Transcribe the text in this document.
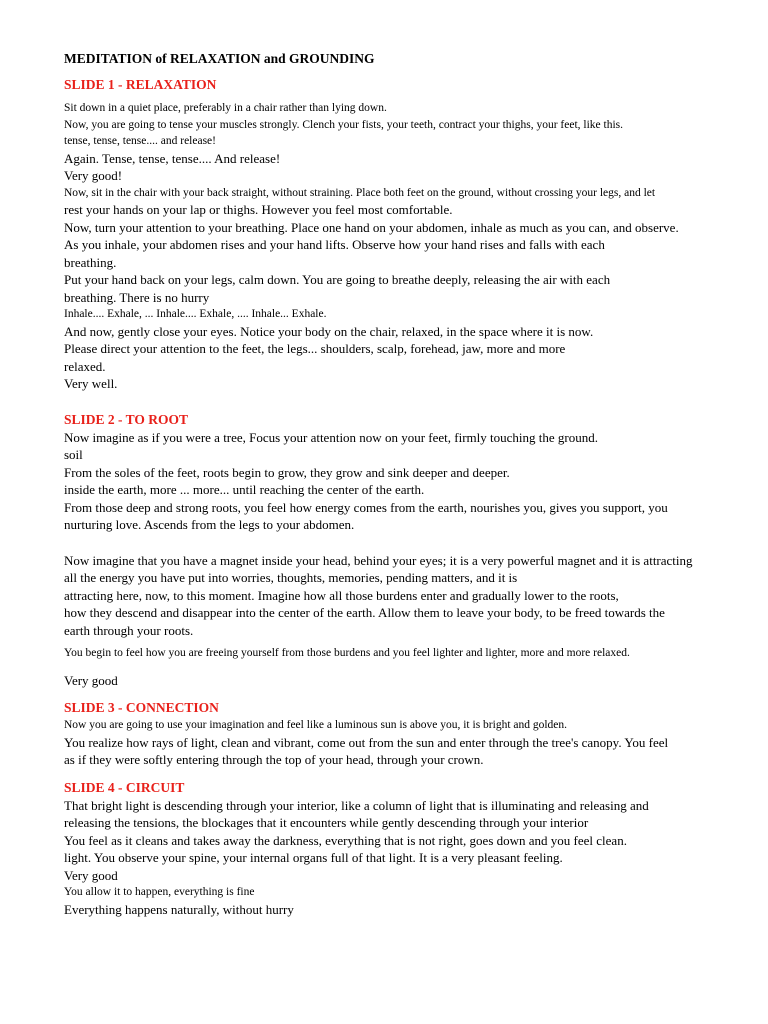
MEDITATION of RELAXATION and GROUNDING

SLIDE 1 - RELAXATION

Sit down in a quiet place, preferably in a chair rather than lying down.

Now, you are going to tense your muscles strongly. Clench your fists, your teeth, contract your thighs, your feet, like this.

tense, tense, tense.... and release!

Again. Tense, tense, tense.... And release!

Very good!

Now, sit in the chair with your back straight, without straining. Place both feet on the ground, without crossing your legs, and let

rest your hands on your lap or thighs. However you feel most comfortable.

Now, turn your attention to your breathing. Place one hand on your abdomen, inhale as much as you can, and observe.

As you inhale, your abdomen rises and your hand lifts. Observe how your hand rises and falls with each

breathing.

Put your hand back on your legs, calm down. You are going to breathe deeply, releasing the air with each

breathing. There is no hurry

Inhale.... Exhale, ... Inhale.... Exhale, .... Inhale... Exhale.

And now, gently close your eyes. Notice your body on the chair, relaxed, in the space where it is now.

Please direct your attention to the feet, the legs... shoulders, scalp, forehead, jaw, more and more

relaxed.

Very well.

SLIDE 2 - TO ROOT

Now imagine as if you were a tree, Focus your attention now on your feet, firmly touching the ground.

soil

From the soles of the feet, roots begin to grow, they grow and sink deeper and deeper.

inside the earth, more ... more... until reaching the center of the earth.

From those deep and strong roots, you feel how energy comes from the earth, nourishes you, gives you support, you

nurturing love. Ascends from the legs to your abdomen.

Now imagine that you have a magnet inside your head, behind your eyes; it is a very powerful magnet and it is attracting

all the energy you have put into worries, thoughts, memories, pending matters, and it is

attracting here, now, to this moment. Imagine how all those burdens enter and gradually lower to the roots,

how they descend and disappear into the center of the earth. Allow them to leave your body, to be freed towards the

earth through your roots.

You begin to feel how you are freeing yourself from those burdens and you feel lighter and lighter, more and more relaxed.

Very good

SLIDE 3 - CONNECTION

Now you are going to use your imagination and feel like a luminous sun is above you, it is bright and golden.

You realize how rays of light, clean and vibrant, come out from the sun and enter through the tree's canopy. You feel

as if they were softly entering through the top of your head, through your crown.

SLIDE 4 - CIRCUIT

That bright light is descending through your interior, like a column of light that is illuminating and releasing and

releasing the tensions, the blockages that it encounters while gently descending through your interior

You feel as it cleans and takes away the darkness, everything that is not right, goes down and you feel clean.

light. You observe your spine, your internal organs full of that light. It is a very pleasant feeling.

Very good

You allow it to happen, everything is fine

Everything happens naturally, without hurry
